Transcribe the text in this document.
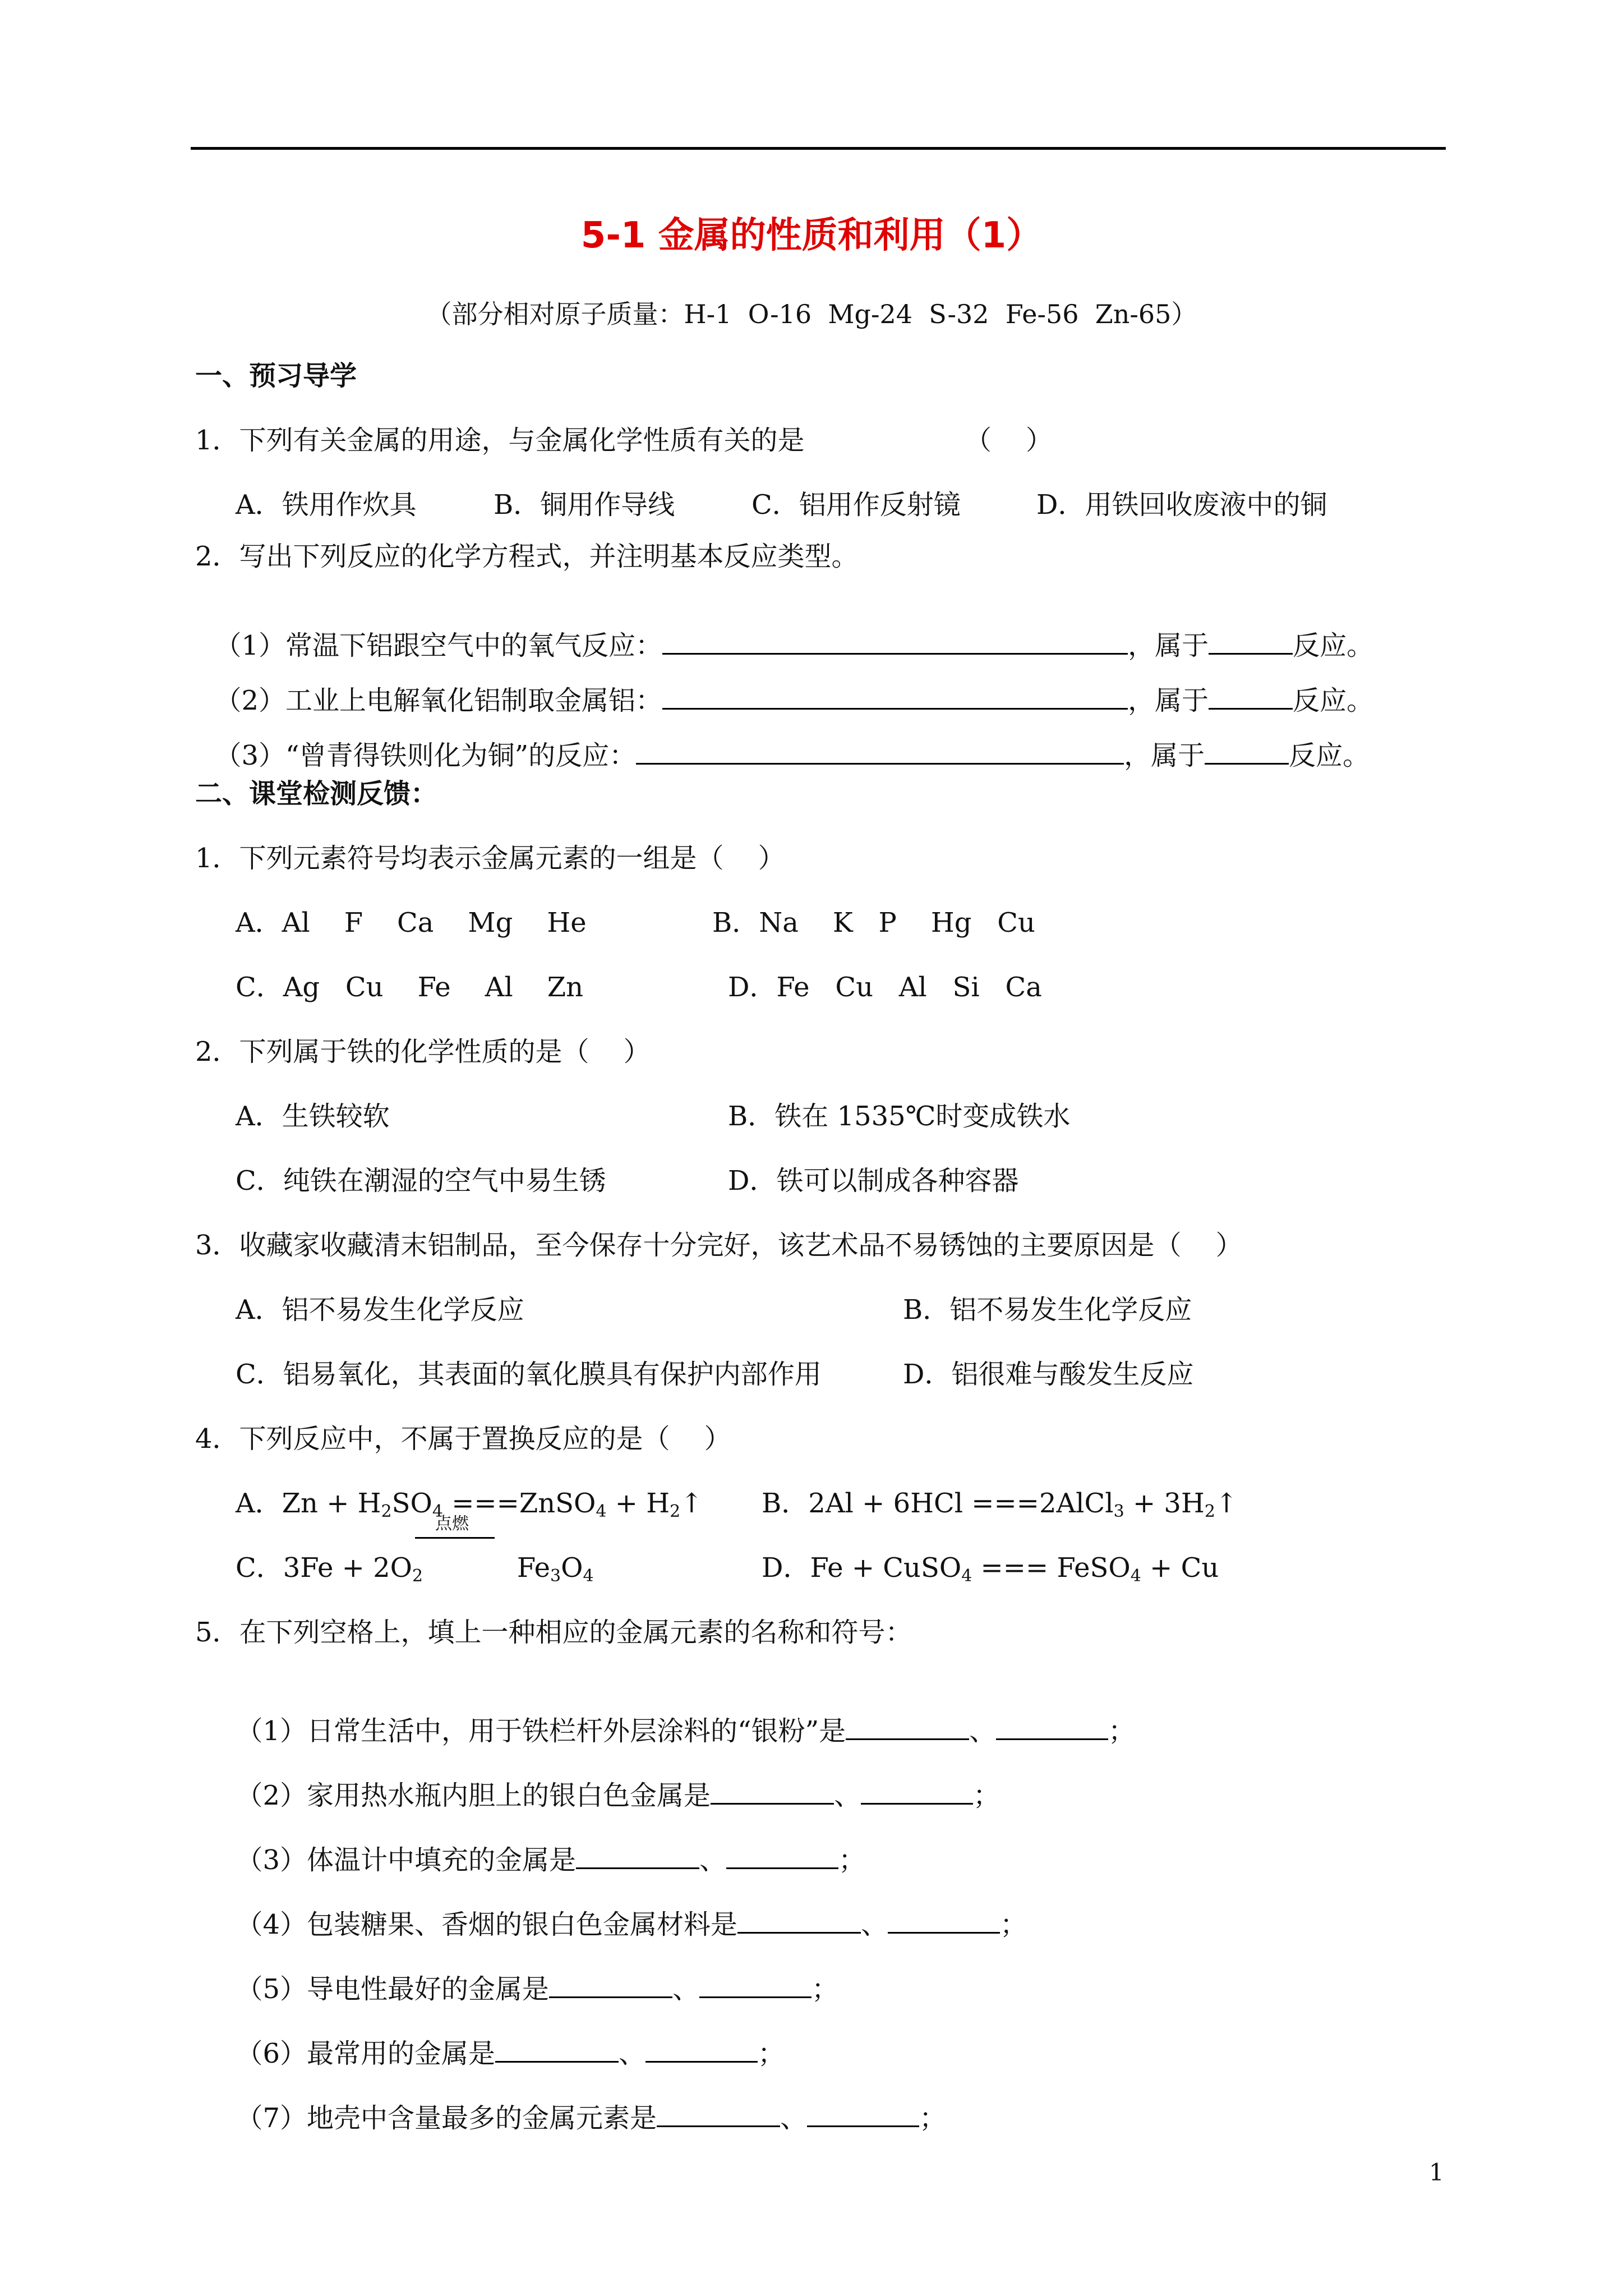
5-1 金属的性质和利用（1）
（部分相对原子质量：H-1  O-16  Mg-24  S-32  Fe-56  Zn-65）
一、预习导学
1．下列有关金属的用途，与金属化学性质有关的是	（    ）
A．铁用作炊具	B．铜用作导线	C．铝用作反射镜	D．用铁回收废液中的铜
2．写出下列反应的化学方程式，并注明基本反应类型。

（1）常温下铝跟空气中的氧气反应：	，属于	反应。

（2）工业上电解氧化铝制取金属铝：	，属于	反应。

（3）“曾青得铁则化为铜”的反应：	，属于	反应。

二、课堂检测反馈：
1．下列元素符号均表示金属元素的一组是（    ）
A．Al    F    Ca    Mg    He	B．Na    K   P    Hg   Cu
C．Ag   Cu    Fe    Al    Zn	D．Fe   Cu   Al   Si   Ca
2．下列属于铁的化学性质的是（    ）
A．生铁较软	B．铁在 1535℃时变成铁水
C．纯铁在潮湿的空气中易生锈	D．铁可以制成各种容器
3．收藏家收藏清末铝制品，至今保存十分完好，该艺术品不易锈蚀的主要原因是（    ）
A．铝不易发生化学反应	B．铝不易发生化学反应
C．铝易氧化，其表面的氧化膜具有保护内部作用	D．铝很难与酸发生反应
4．下列反应中，不属于置换反应的是（    ）
A．$Zn + H_2SO_4$ ===ZnSO$_4$ + $H_2↑$ B．2Al + 6HCl ===2AlCl$_3$ + $3H_2↑$
C．$3Fe + 2O_2$           $Fe_3O_4$
点燃
D．Fe + CuSO$_4$ === FeSO$_4$ + Cu
5．在下列空格上，填上一种相应的金属元素的名称和符号：

（1）日常生活中，用于铁栏杆外层涂料的“银粉”是	、	；

（2）家用热水瓶内胆上的银白色金属是	、	；

（3）体温计中填充的金属是	、	；

（4）包装糖果、香烟的银白色金属材料是	、	；

（5）导电性最好的金属是	、	；

（6）最常用的金属是	、	；

（7）地壳中含量最多的金属元素是	、	；

1
